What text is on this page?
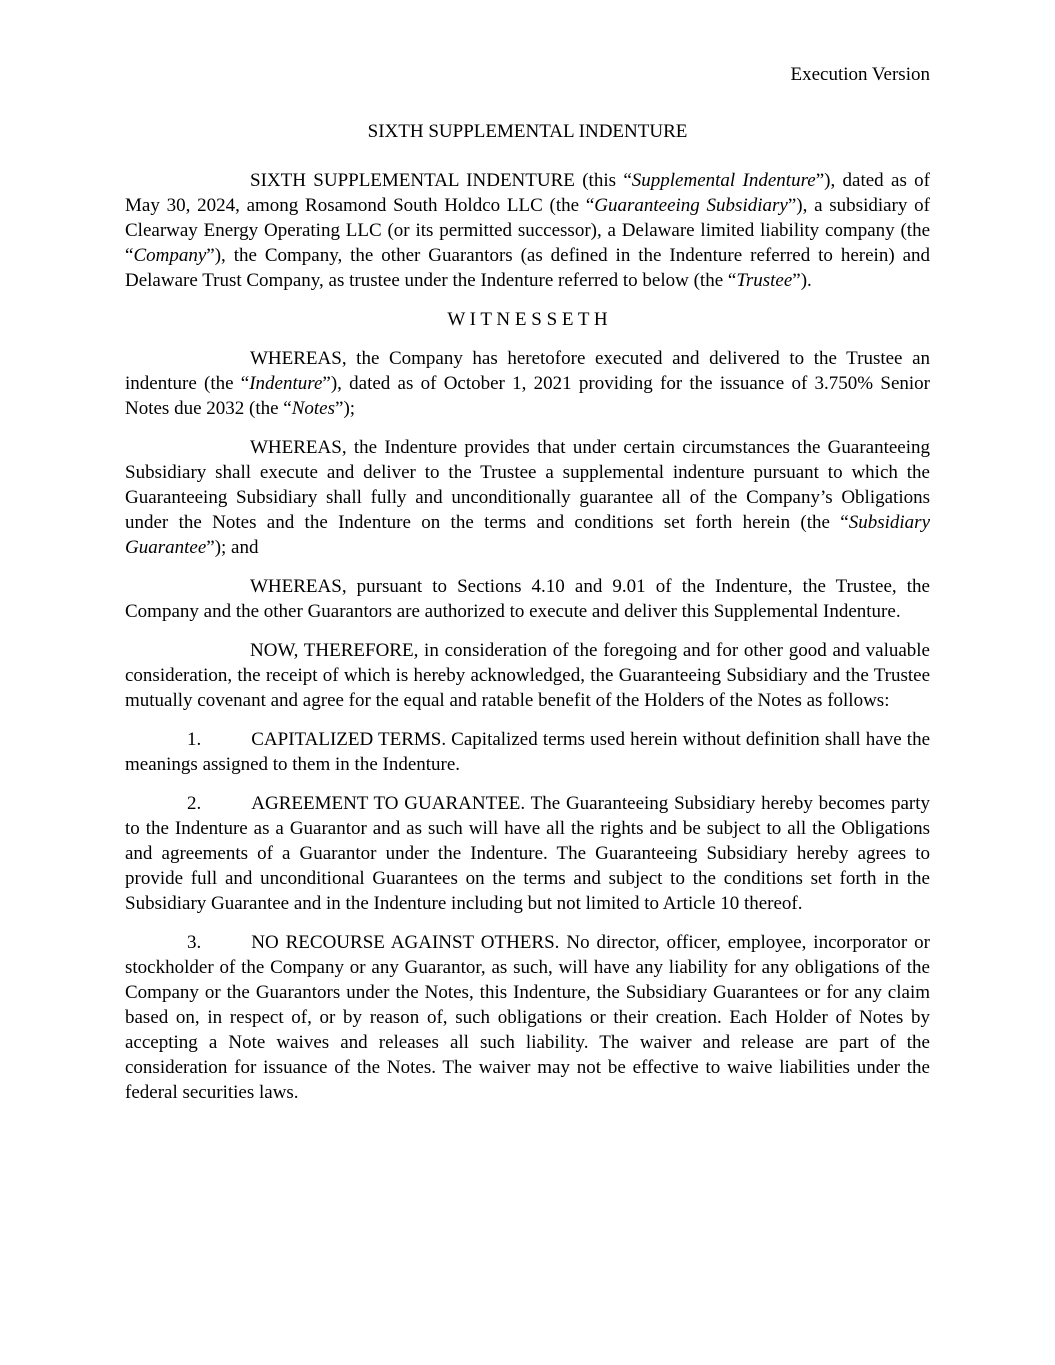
Execution Version
SIXTH SUPPLEMENTAL INDENTURE

SIXTH SUPPLEMENTAL INDENTURE (this “Supplemental Indenture”), dated as of May 30, 2024, among Rosamond South Holdco LLC (the “Guaranteeing Subsidiary”), a subsidiary of Clearway Energy Operating LLC (or its permitted successor), a Delaware limited liability company (the “Company”), the Company, the other Guarantors (as defined in the Indenture referred to herein) and Delaware Trust Company, as trustee under the Indenture referred to below (the “Trustee”).

W I T N E S S E T H

WHEREAS, the Company has heretofore executed and delivered to the Trustee an indenture (the “Indenture”), dated as of October 1, 2021 providing for the issuance of 3.750% Senior Notes due 2032 (the “Notes”);

WHEREAS, the Indenture provides that under certain circumstances the Guaranteeing Subsidiary shall execute and deliver to the Trustee a supplemental indenture pursuant to which the Guaranteeing Subsidiary shall fully and unconditionally guarantee all of the Company’s Obligations under the Notes and the Indenture on the terms and conditions set forth herein (the “Subsidiary Guarantee”); and

WHEREAS, pursuant to Sections 4.10 and 9.01 of the Indenture, the Trustee, the Company and the other Guarantors are authorized to execute and deliver this Supplemental Indenture.

NOW, THEREFORE, in consideration of the foregoing and for other good and valuable consideration, the receipt of which is hereby acknowledged, the Guaranteeing Subsidiary and the Trustee mutually covenant and agree for the equal and ratable benefit of the Holders of the Notes as follows:

1.	CAPITALIZED TERMS. Capitalized terms used herein without definition shall have the meanings assigned to them in the Indenture.

2.	AGREEMENT TO GUARANTEE. The Guaranteeing Subsidiary hereby becomes party to the Indenture as a Guarantor and as such will have all the rights and be subject to all the Obligations and agreements of a Guarantor under the Indenture. The Guaranteeing Subsidiary hereby agrees to provide full and unconditional Guarantees on the terms and subject to the conditions set forth in the Subsidiary Guarantee and in the Indenture including but not limited to Article 10 thereof.

3.	NO RECOURSE AGAINST OTHERS. No director, officer, employee, incorporator or stockholder of the Company or any Guarantor, as such, will have any liability for any obligations of the Company or the Guarantors under the Notes, this Indenture, the Subsidiary Guarantees or for any claim based on, in respect of, or by reason of, such obligations or their creation. Each Holder of Notes by accepting a Note waives and releases all such liability. The waiver and release are part of the consideration for issuance of the Notes. The waiver may not be effective to waive liabilities under the federal securities laws.
